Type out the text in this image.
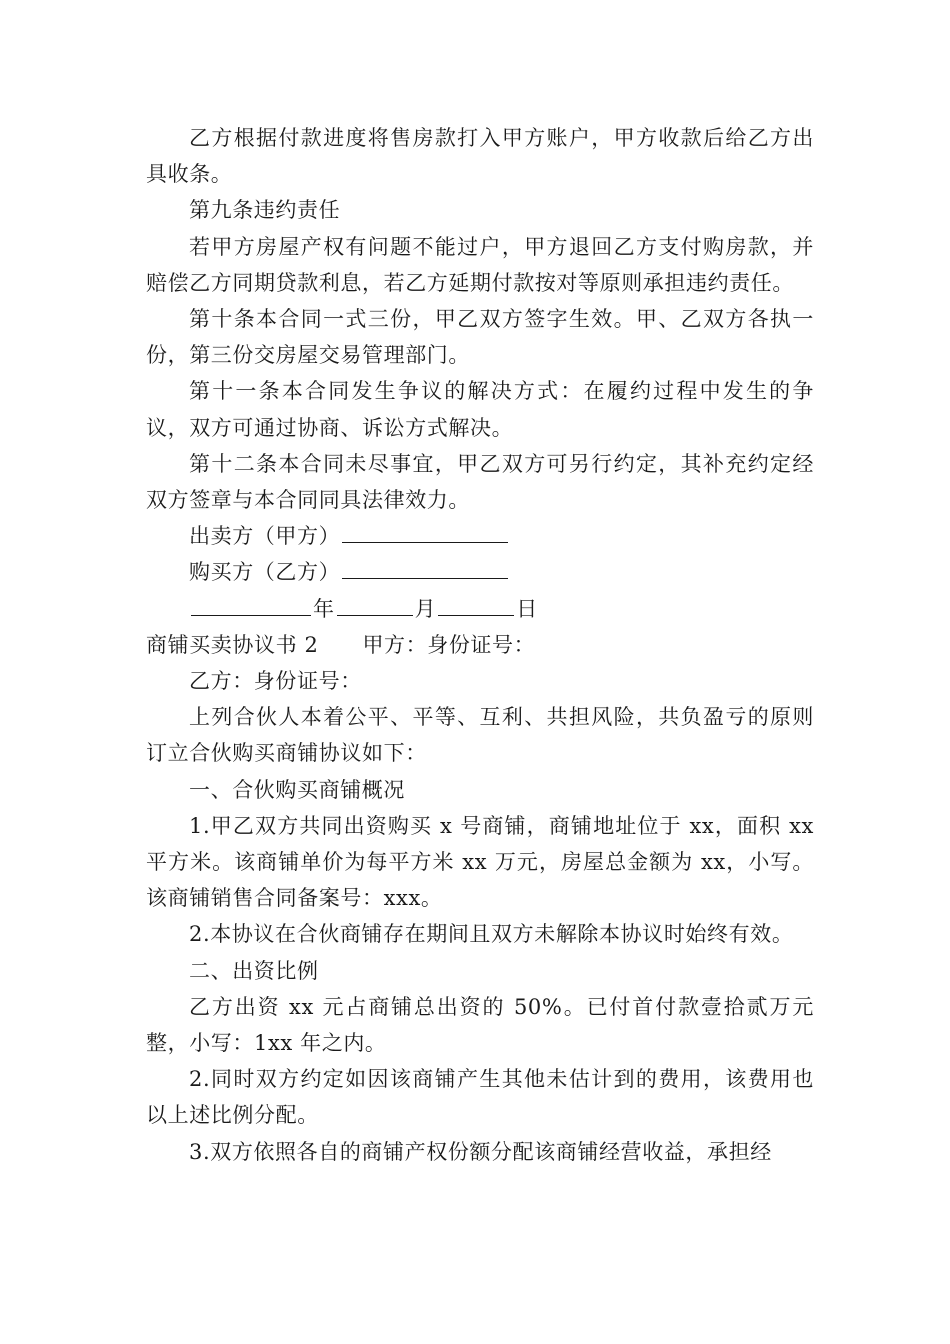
乙方根据付款进度将售房款打入甲方账户，甲方收款后给乙方出具收条。

第九条违约责任

若甲方房屋产权有问题不能过户，甲方退回乙方支付购房款，并赔偿乙方同期贷款利息，若乙方延期付款按对等原则承担违约责任。

第十条本合同一式三份，甲乙双方签字生效。甲、乙双方各执一份，第三份交房屋交易管理部门。

第十一条本合同发生争议的解决方式：在履约过程中发生的争议，双方可通过协商、诉讼方式解决。

第十二条本合同未尽事宜，甲乙双方可另行约定，其补充约定经双方签章与本合同同具法律效力。

出卖方（甲方）

购买方（乙方）

年	月	日

商铺买卖协议书 2 甲方：身份证号：

乙方：身份证号：

上列合伙人本着公平、平等、互利、共担风险，共负盈亏的原则订立合伙购买商铺协议如下：

一、合伙购买商铺概况

1.甲乙双方共同出资购买 x 号商铺，商铺地址位于 xx，面积 xx 平方米。该商铺单价为每平方米 xx 万元，房屋总金额为 xx，小写。该商铺销售合同备案号：xxx。

2.本协议在合伙商铺存在期间且双方未解除本协议时始终有效。

二、出资比例

乙方出资 xx 元占商铺总出资的 50%。已付首付款壹拾贰万元整，小写：1xx 年之内。

2.同时双方约定如因该商铺产生其他未估计到的费用，该费用也以上述比例分配。

3.双方依照各自的商铺产权份额分配该商铺经营收益，承担经
